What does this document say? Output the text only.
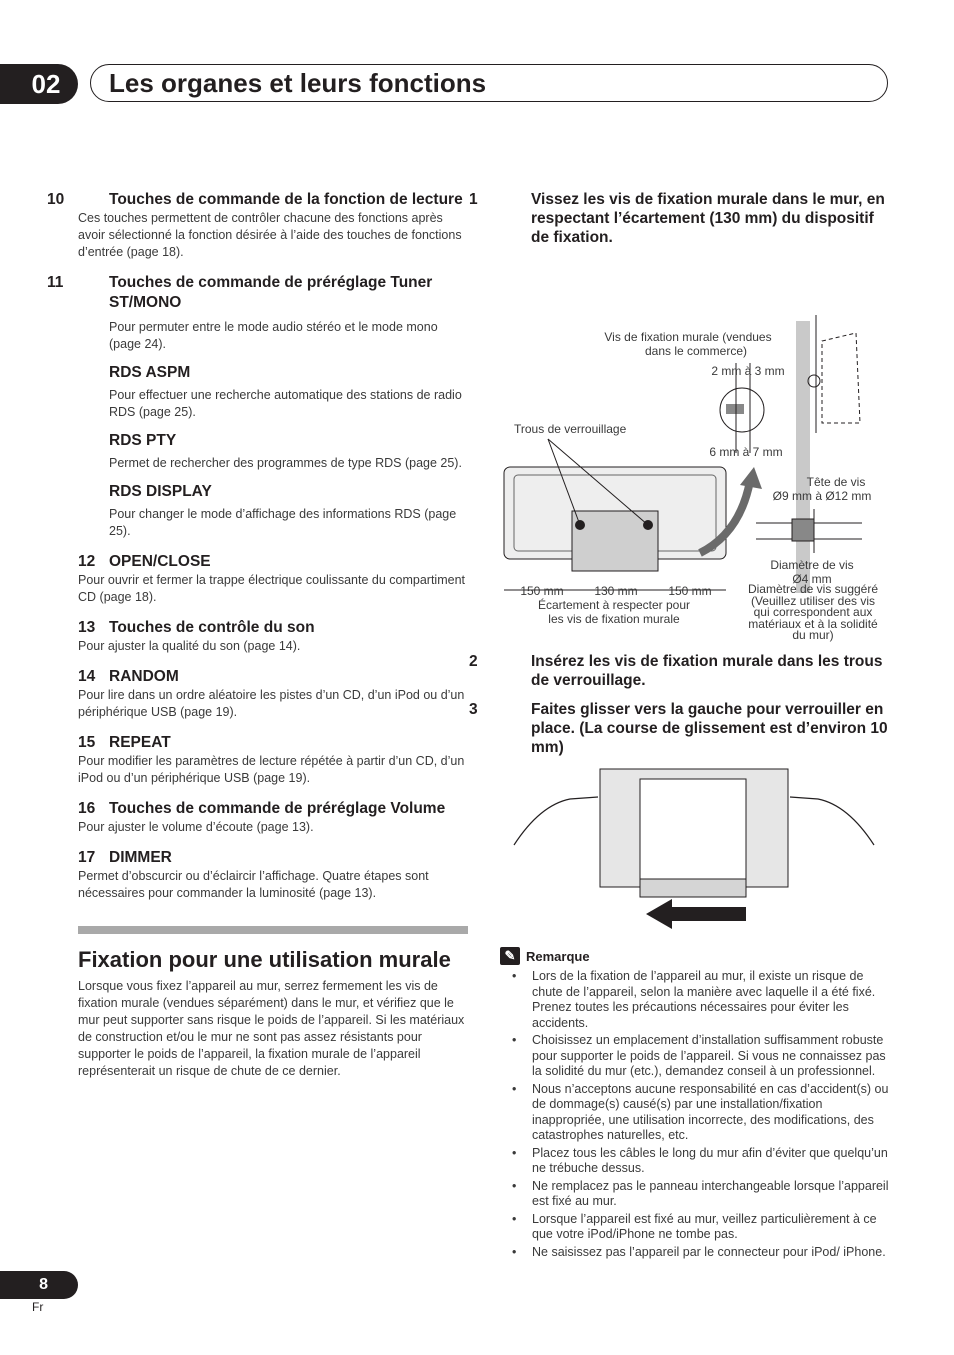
02	Les organes et leurs fonctions

10	Touches de commande de la fonction de lecture

Ces touches permettent de contrôler chacune des fonctions après avoir sélectionné la fonction désirée à l’aide des touches de fonctions d’entrée (page 18).

11	Touches de commande de préréglage Tuner ST/MONO

Pour permuter entre le mode audio stéréo et le mode mono (page 24).

RDS ASPM

Pour effectuer une recherche automatique des stations de radio RDS (page 25).

RDS PTY

Permet de rechercher des programmes de type RDS (page 25).

RDS DISPLAY

Pour changer le mode d’affichage des informations RDS (page 25).

12 OPEN/CLOSE

Pour ouvrir et fermer la trappe électrique coulissante du compartiment CD (page 18).

13 Touches de contrôle du son

Pour ajuster la qualité du son (page 14).

14 RANDOM

Pour lire dans un ordre aléatoire les pistes d’un CD, d’un iPod ou d’un périphérique USB (page 19).

15 REPEAT

Pour modifier les paramètres de lecture répétée à partir d’un CD, d’un iPod ou d’un périphérique USB (page 19).

16 Touches de commande de préréglage Volume

Pour ajuster le volume d’écoute (page 13).

17 DIMMER

Permet d’obscurcir ou d’éclaircir l’affichage. Quatre étapes sont nécessaires pour commander la luminosité (page 13).

Fixation pour une utilisation murale

Lorsque vous fixez l’appareil au mur, serrez fermement les vis de fixation murale (vendues séparément) dans le mur, et vérifiez que le mur peut supporter sans risque le poids de l’appareil. Si les matériaux de construction et/ou le mur ne sont pas assez résistants pour supporter le poids de l’appareil, la fixation murale de l’appareil représenterait un risque de chute de ce dernier.

1	Vissez les vis de fixation murale dans le mur, en respectant l’écartement (130 mm) du dispositif de fixation.

Vis de fixation murale (vendues
dans le commerce)
2 mm à 3 mm
Trous de verrouillage
6 mm à 7 mm
Tête de vis
Ø9 mm à Ø12 mm
Diamètre de vis
Ø4 mm
150 mm	130 mm	150 mm
Écartement à respecter pour
les vis de fixation murale
Diamètre de vis suggéré
(Veuillez utiliser des vis
qui correspondent aux
matériaux et à la solidité
du mur)

2	Insérez les vis de fixation murale dans les trous de verrouillage.

3	Faites glisser vers la gauche pour verrouiller en place. (La course de glissement est d’environ 10 mm)

✎ Remarque
• Lors de la fixation de l’appareil au mur, il existe un risque de chute de l’appareil, selon la manière avec laquelle il a été fixé. Prenez toutes les précautions nécessaires pour éviter les accidents.
• Choisissez un emplacement d’installation suffisamment robuste pour supporter le poids de l’appareil. Si vous ne connaissez pas la solidité du mur (etc.), demandez conseil à un professionnel.
• Nous n’acceptons aucune responsabilité en cas d’accident(s) ou de dommage(s) causé(s) par une installation/fixation inappropriée, une utilisation incorrecte, des modifications, des catastrophes naturelles, etc.
• Placez tous les câbles le long du mur afin d’éviter que quelqu’un ne trébuche dessus.
• Ne remplacez pas le panneau interchangeable lorsque l’appareil est fixé au mur.
• Lorsque l’appareil est fixé au mur, veillez particulièrement à ce que votre iPod/iPhone ne tombe pas.
• Ne saisissez pas l’appareil par le connecteur pour iPod/ iPhone.
8
Fr
